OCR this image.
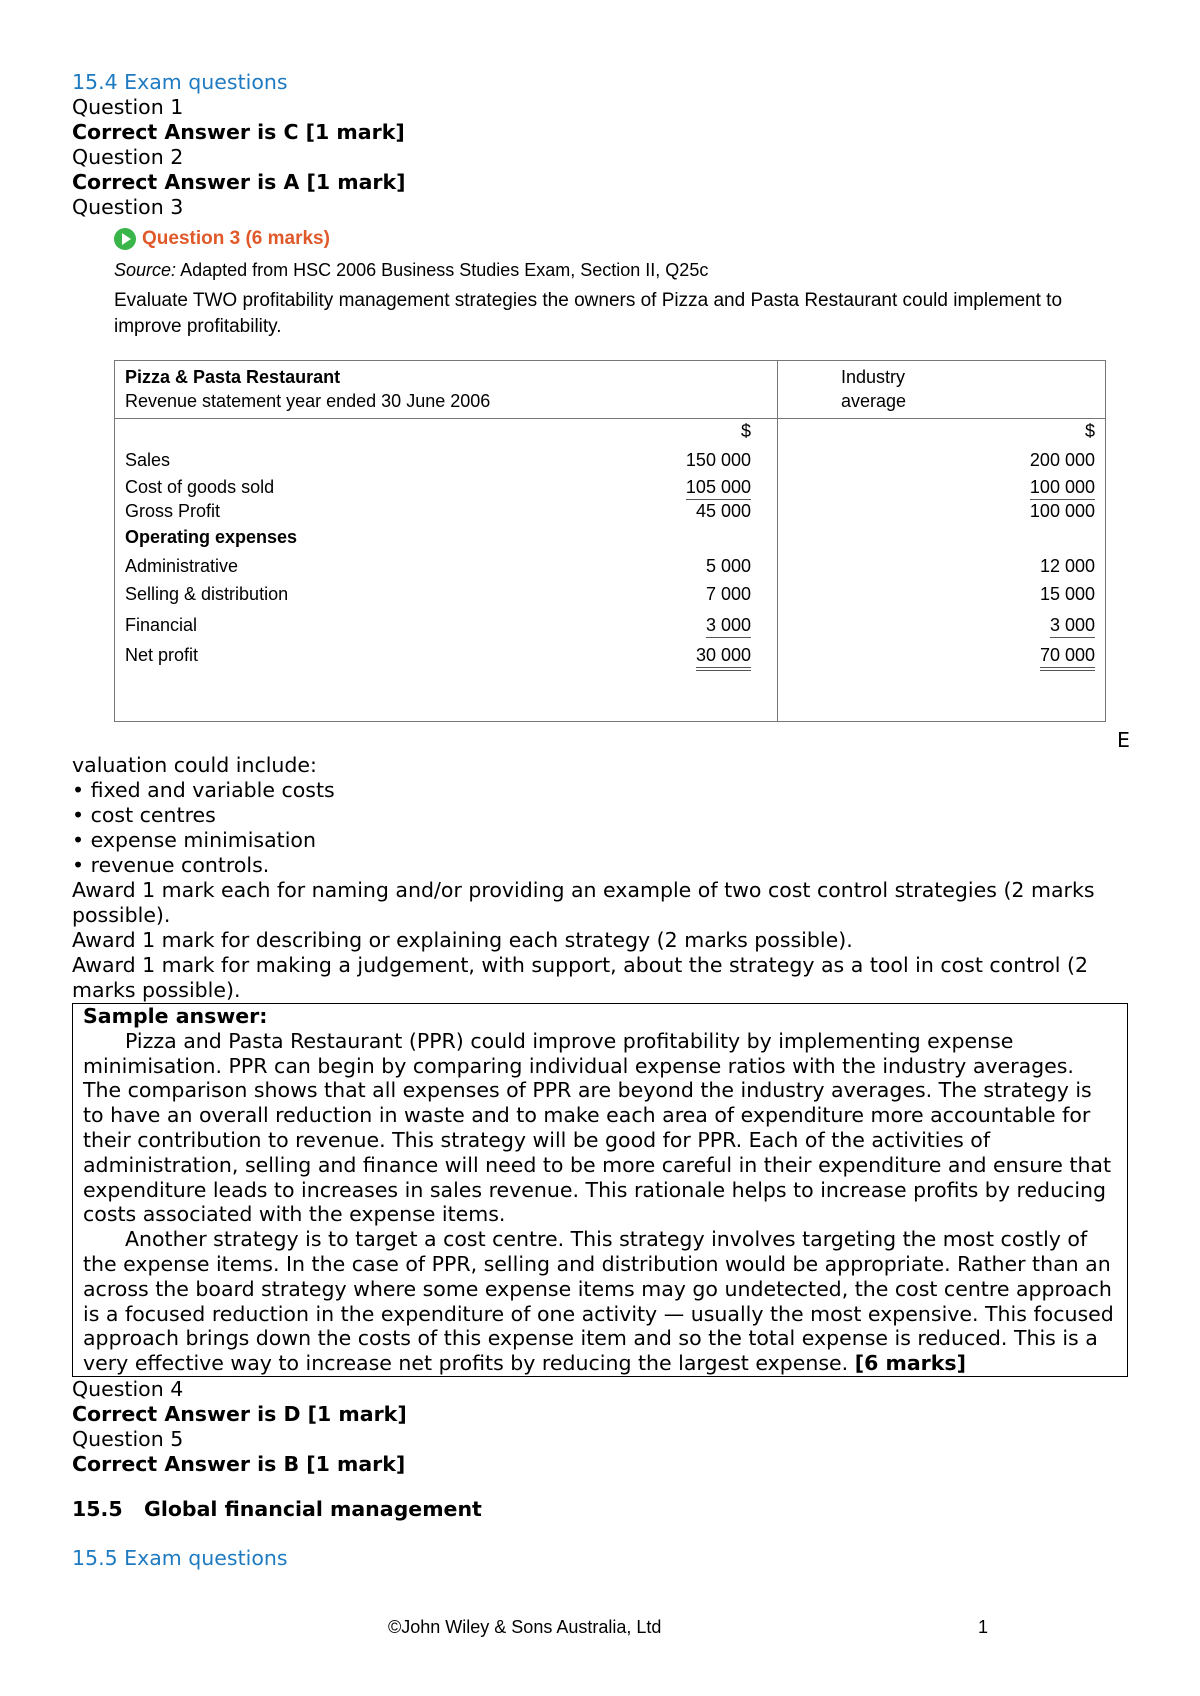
15.4 Exam questions
Question 1
Correct Answer is C [1 mark]
Question 2
Correct Answer is A [1 mark]
Question 3
Question 3 (6 marks)
Source: Adapted from HSC 2006 Business Studies Exam, Section II, Q25c
Evaluate TWO profitability management strategies the owners of Pizza and Pasta Restaurant could implement to improve profitability.
Pizza & Pasta Restaurant
Revenue statement year ended 30 June 2006
Industry
average
$	$
Sales	150 000	200 000
Cost of goods sold	105 000	100 000
Gross Profit	45 000	100 000
Operating expenses
Administrative	5 000	12 000
Selling & distribution	7 000	15 000
Financial	3 000	3 000
Net profit	30 000	70 000
E
valuation could include:
• fixed and variable costs
• cost centres
• expense minimisation
• revenue controls.
Award 1 mark each for naming and/or providing an example of two cost control strategies (2 marks possible).
Award 1 mark for describing or explaining each strategy (2 marks possible).
Award 1 mark for making a judgement, with support, about the strategy as a tool in cost control (2 marks possible).

Sample answer:

Pizza and Pasta Restaurant (PPR) could improve profitability by implementing expense minimisation. PPR can begin by comparing individual expense ratios with the industry averages. The comparison shows that all expenses of PPR are beyond the industry averages. The strategy is to have an overall reduction in waste and to make each area of expenditure more accountable for their contribution to revenue. This strategy will be good for PPR. Each of the activities of administration, selling and finance will need to be more careful in their expenditure and ensure that expenditure leads to increases in sales revenue. This rationale helps to increase profits by reducing costs associated with the expense items.

Another strategy is to target a cost centre. This strategy involves targeting the most costly of the expense items. In the case of PPR, selling and distribution would be appropriate. Rather than an across the board strategy where some expense items may go undetected, the cost centre approach is a focused reduction in the expenditure of one activity — usually the most expensive. This focused approach brings down the costs of this expense item and so the total expense is reduced. This is a very effective way to increase net profits by reducing the largest expense. [6 marks]

Question 4
Correct Answer is D [1 mark]
Question 5
Correct Answer is B [1 mark]
15.5   Global financial management
15.5 Exam questions
©John Wiley & Sons Australia, Ltd	1
